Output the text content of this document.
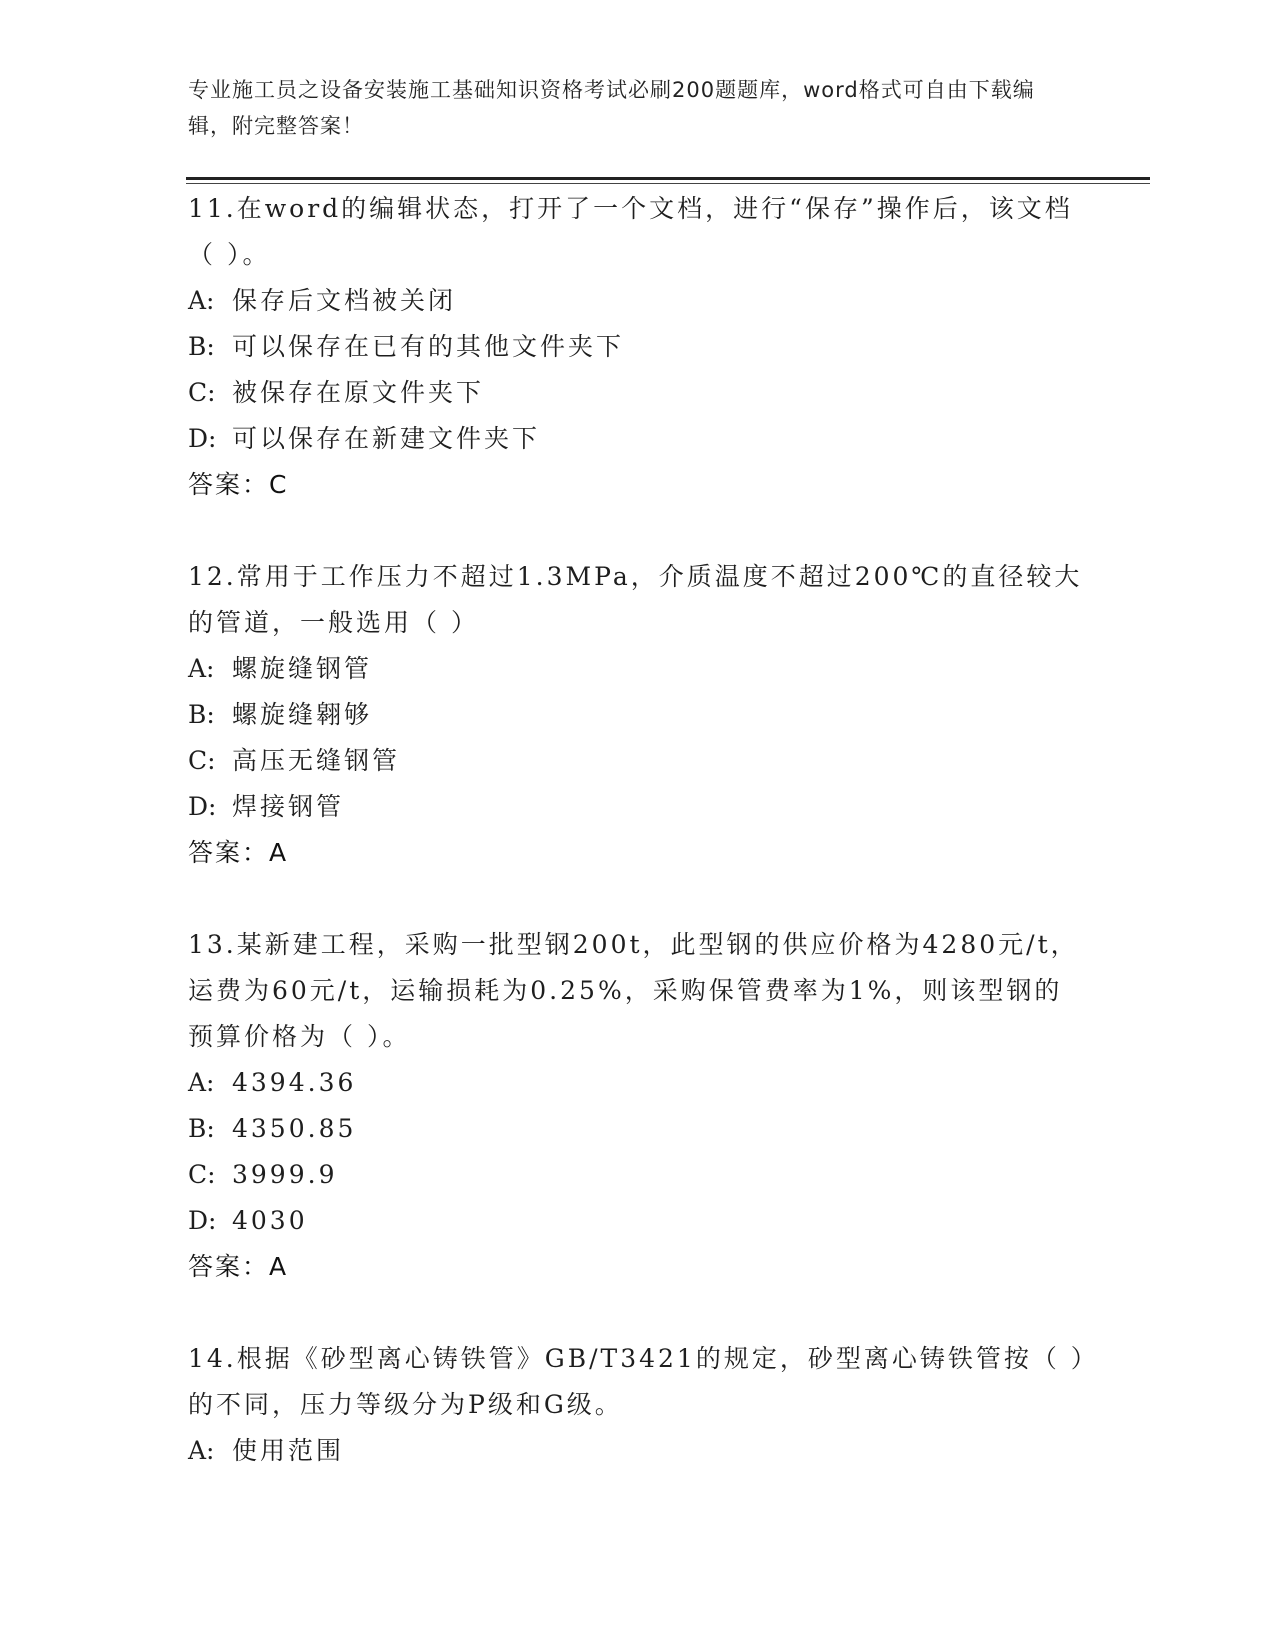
专业施工员之设备安装施工基础知识资格考试必刷200题题库，word格式可自由下载编辑，附完整答案！
11.在word的编辑状态，打开了一个文档，进行“保存”操作后，该文档（ ）。
A: 保存后文档被关闭
B: 可以保存在已有的其他文件夹下
C: 被保存在原文件夹下
D: 可以保存在新建文件夹下
答案：C
12.常用于工作压力不超过1.3MPa，介质温度不超过200℃的直径较大的管道，一般选用（ ）
A: 螺旋缝钢管
B: 螺旋缝翱够
C: 高压无缝钢管
D: 焊接钢管
答案：A
13.某新建工程，采购一批型钢200t，此型钢的供应价格为4280元/t，运费为60元/t，运输损耗为0.25%，采购保管费率为1%，则该型钢的预算价格为（ ）。
A: 4394.36
B: 4350.85
C: 3999.9
D: 4030
答案：A
14.根据《砂型离心铸铁管》GB/T3421的规定，砂型离心铸铁管按（ ）的不同，压力等级分为P级和G级。
A: 使用范围
